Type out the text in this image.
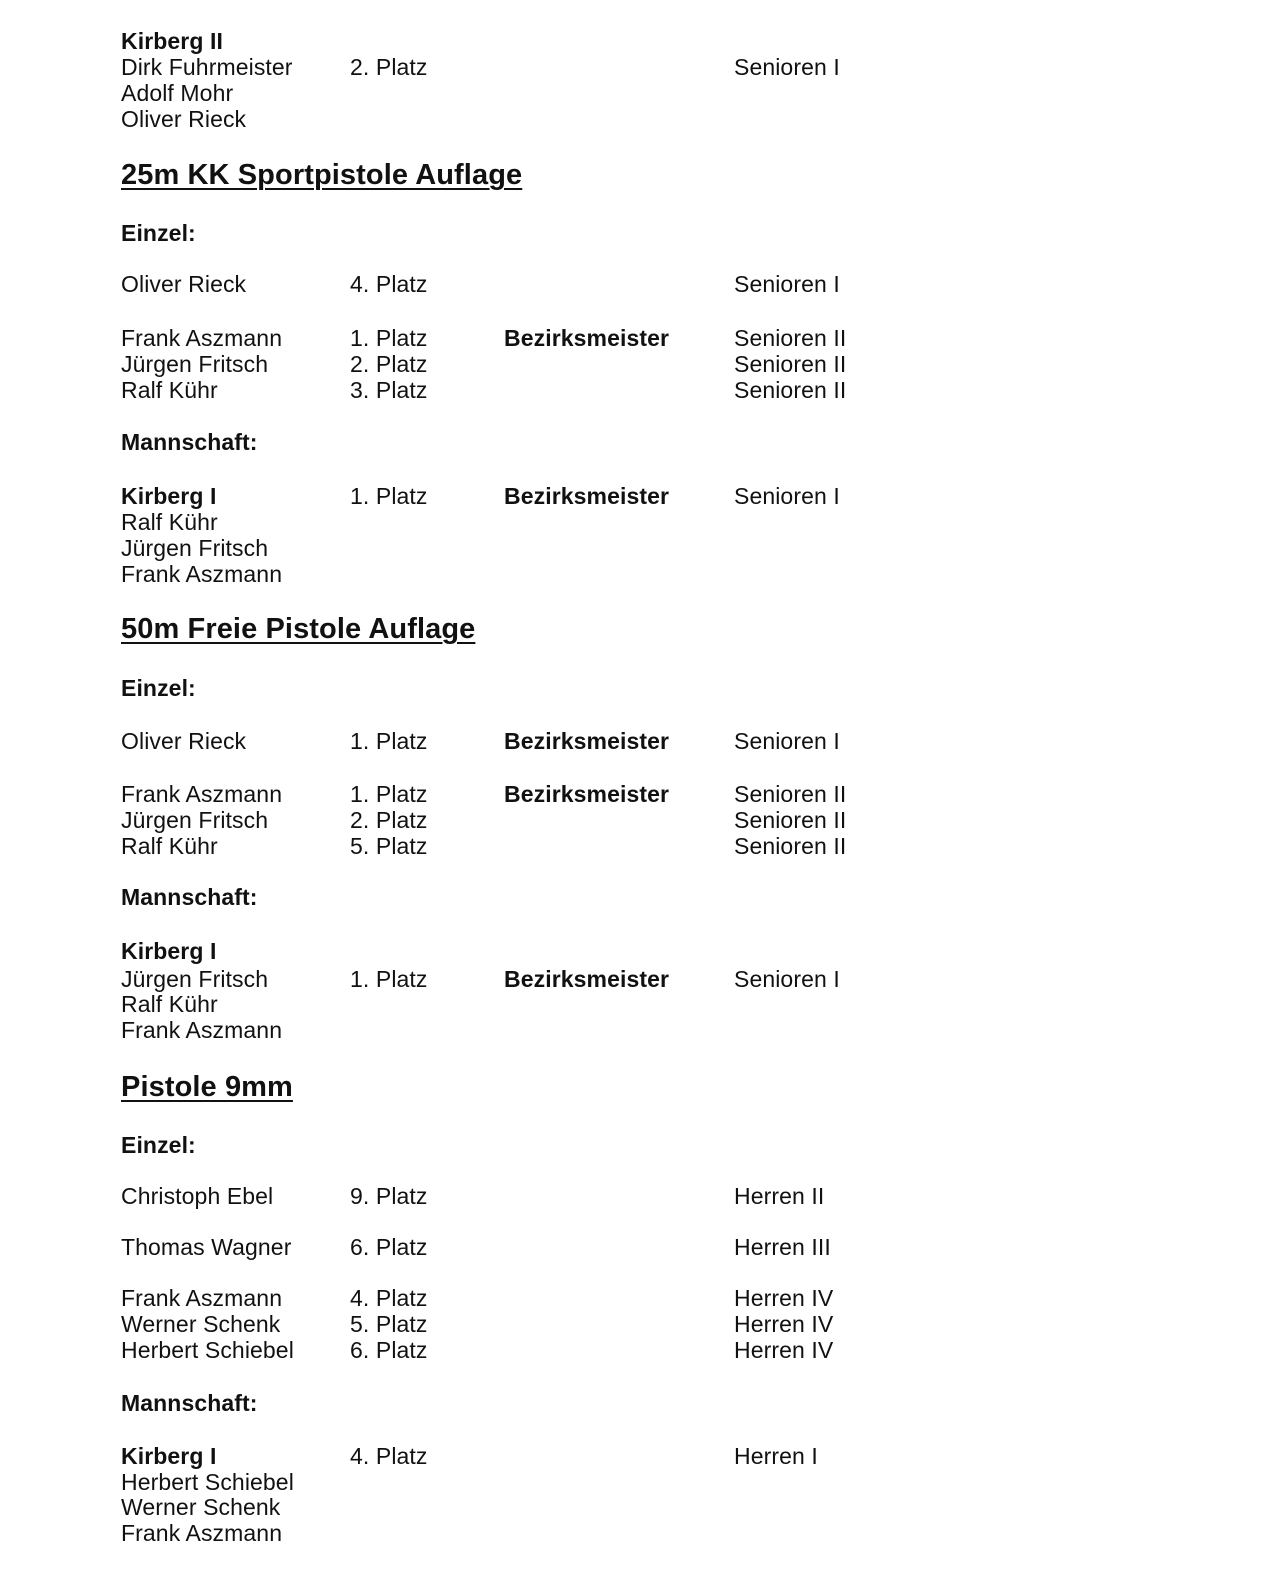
Kirberg II
Dirk Fuhrmeister 2. Platz	Senioren I
Adolf Mohr
Oliver Rieck
25m KK Sportpistole Auflage
Einzel:
Oliver Rieck	4. Platz	Senioren I
Frank Aszmann	1. Platz	Bezirksmeister	Senioren II
Jürgen Fritsch	2. Platz	Senioren II
Ralf Kühr	3. Platz	Senioren II
Mannschaft:
Kirberg I	1. Platz	Bezirksmeister	Senioren I
Ralf Kühr
Jürgen Fritsch
Frank Aszmann
50m Freie Pistole Auflage
Einzel:
Oliver Rieck	1. Platz	Bezirksmeister	Senioren I
Frank Aszmann	1. Platz	Bezirksmeister	Senioren II
Jürgen Fritsch	2. Platz	Senioren II
Ralf Kühr	5. Platz	Senioren II
Mannschaft:
Kirberg I
Jürgen Fritsch	1. Platz	Bezirksmeister	Senioren I
Ralf Kühr
Frank Aszmann
Pistole 9mm
Einzel:
Christoph Ebel	9. Platz	Herren II
Thomas Wagner	6. Platz	Herren III
Frank Aszmann	4. Platz	Herren IV
Werner Schenk	5. Platz	Herren IV
Herbert Schiebel 6. Platz	Herren IV
Mannschaft:
Kirberg I	4. Platz	Herren I
Herbert Schiebel
Werner Schenk
Frank Aszmann
